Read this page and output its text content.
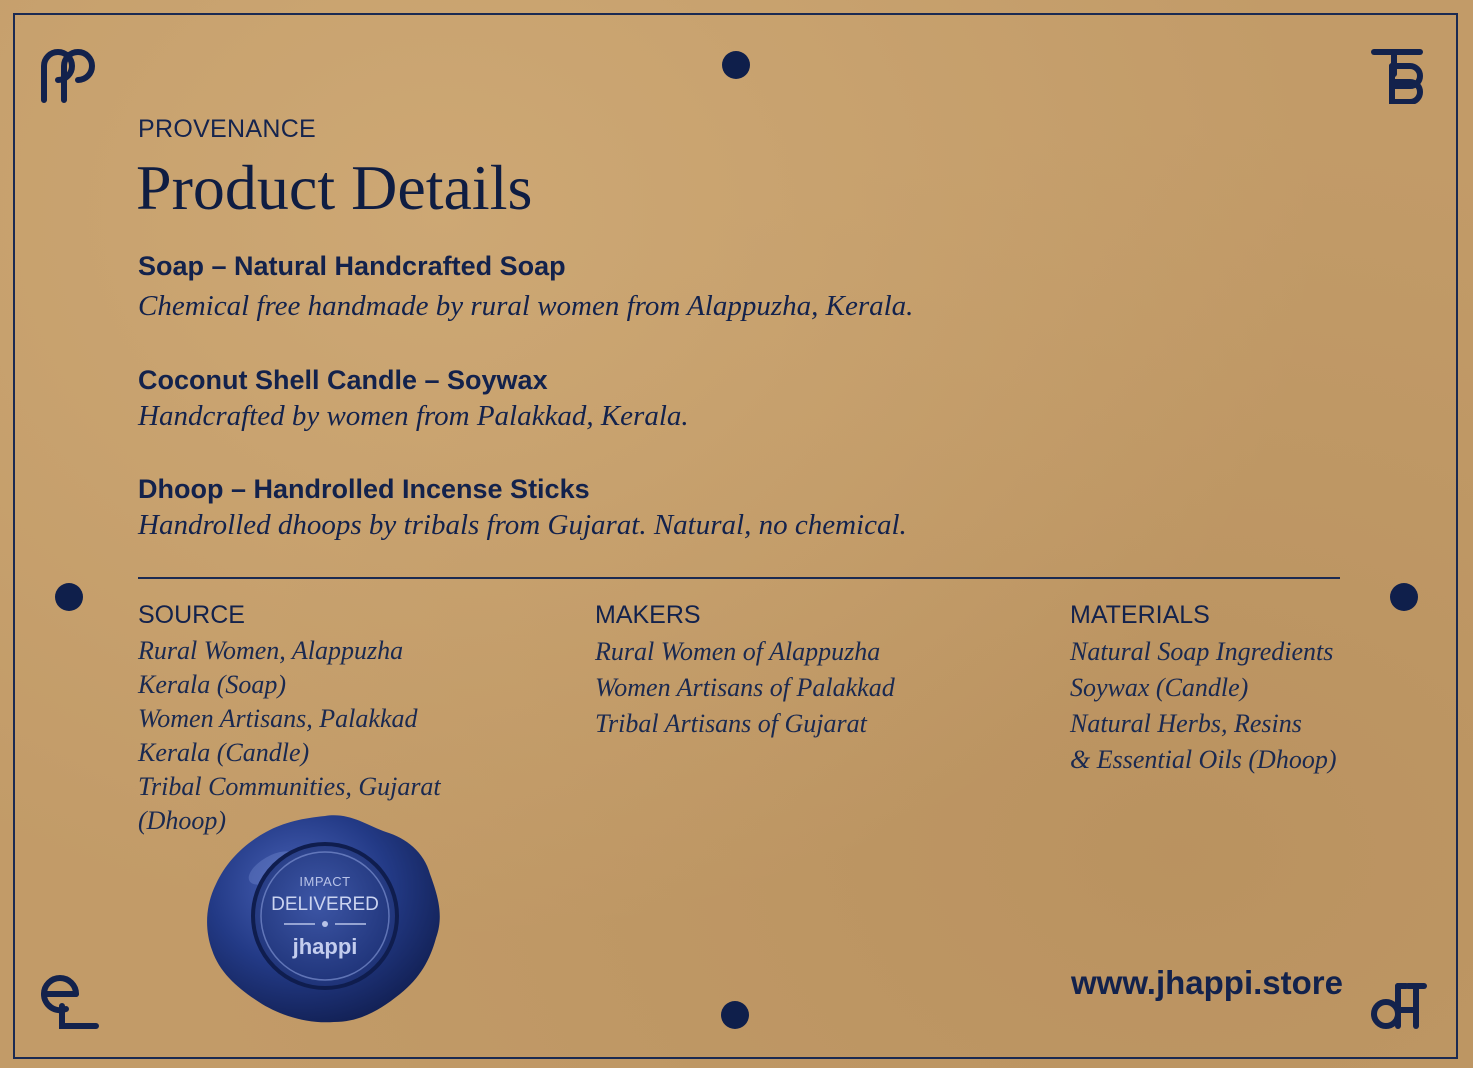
PROVENANCE
Product Details
Soap – Natural Handcrafted Soap
Chemical free handmade by rural women from Alappuzha, Kerala.
Coconut Shell Candle – Soywax
Handcrafted by women from Palakkad, Kerala.
Dhoop – Handrolled Incense Sticks
Handrolled dhoops by tribals from Gujarat. Natural, no chemical.
SOURCE
Rural Women, Alappuzha
Kerala (Soap)
Women Artisans, Palakkad
Kerala (Candle)
Tribal Communities, Gujarat
(Dhoop)
MAKERS
Rural Women of Alappuzha
Women Artisans of Palakkad
Tribal Artisans of Gujarat
MATERIALS
Natural Soap Ingredients
Soywax (Candle)
Natural Herbs, Resins
& Essential Oils (Dhoop)
IMPACT
DELIVERED
jhappi
www.jhappi.store
